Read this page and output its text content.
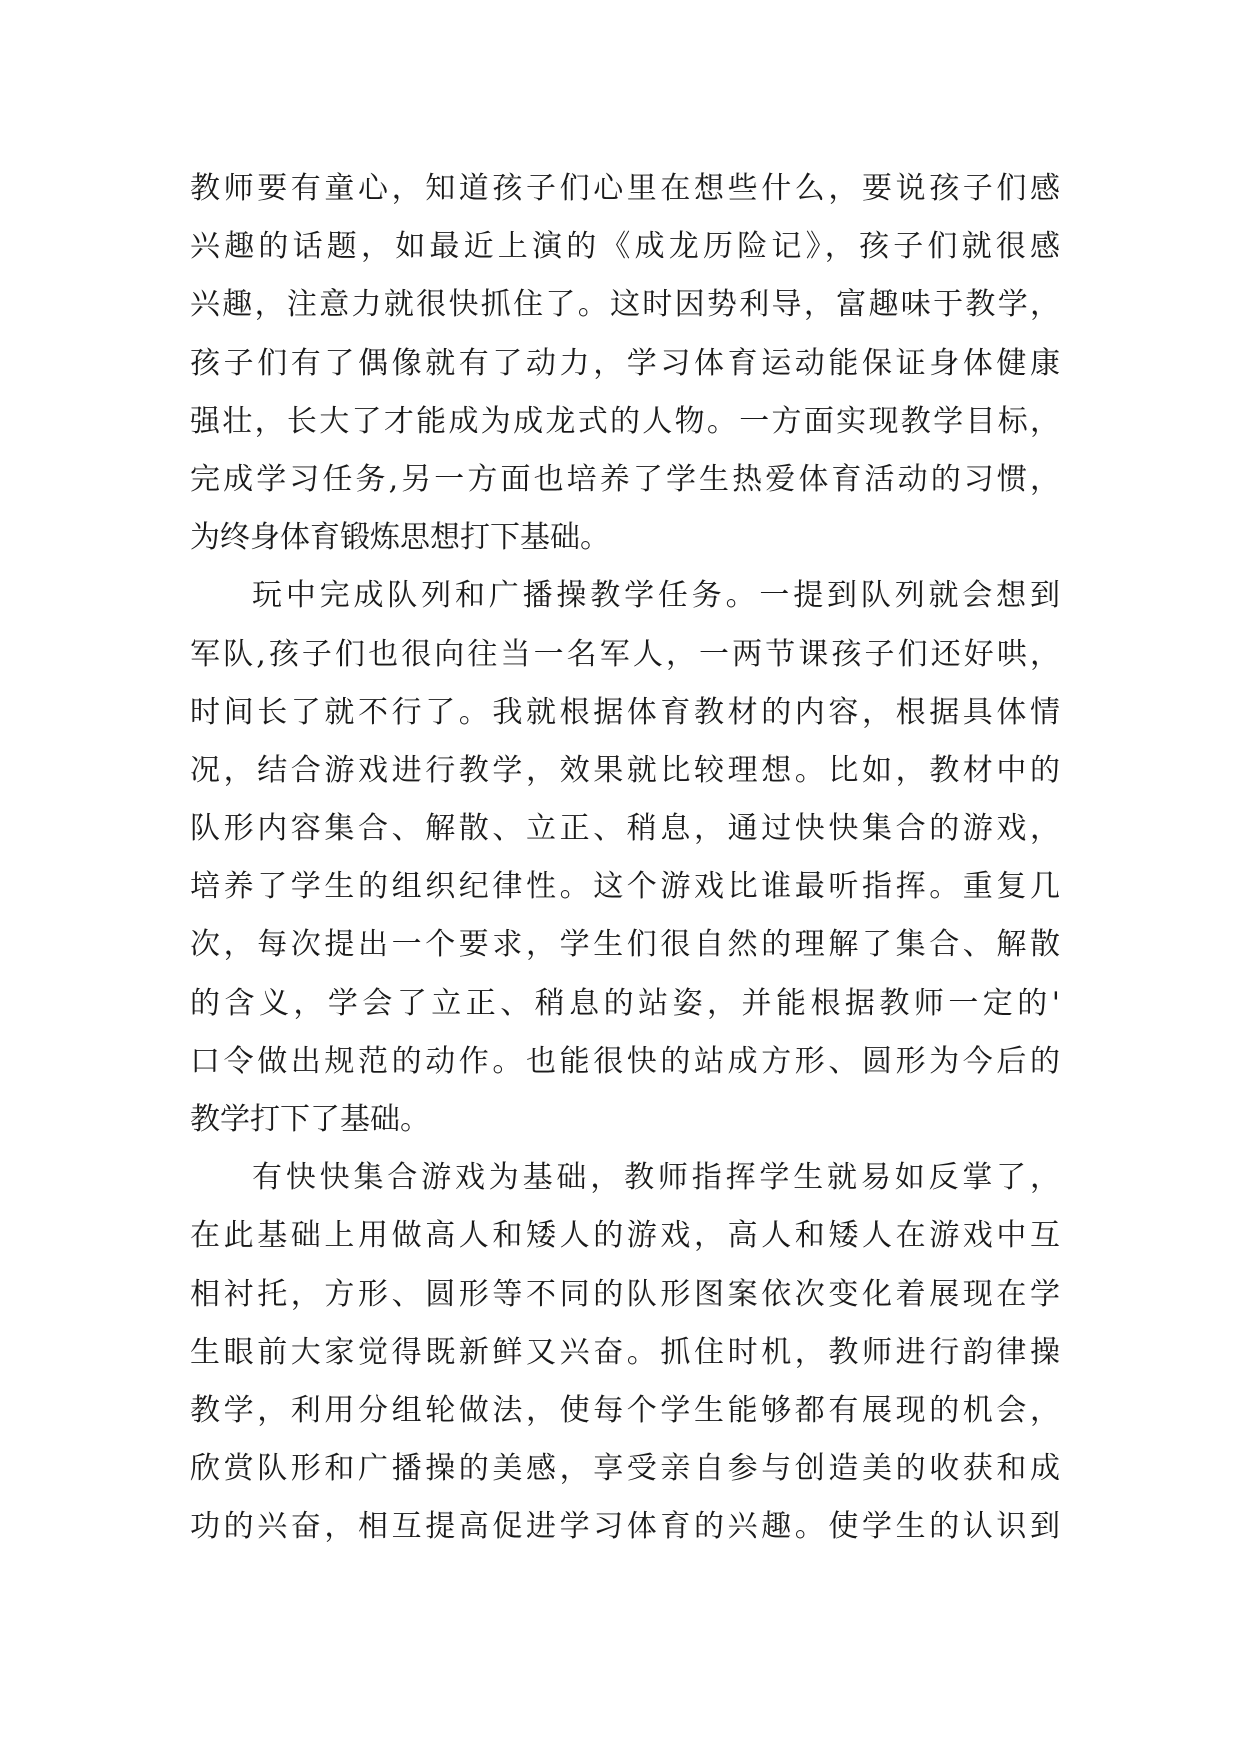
教师要有童心，知道孩子们心里在想些什么，要说孩子们感
兴趣的话题，如最近上演的《成龙历险记》，孩子们就很感
兴趣，注意力就很快抓住了。这时因势利导，富趣味于教学，
孩子们有了偶像就有了动力，学习体育运动能保证身体健康
强壮，长大了才能成为成龙式的人物。一方面实现教学目标，
完成学习任务,另一方面也培养了学生热爱体育活动的习惯，
为终身体育锻炼思想打下基础。
玩中完成队列和广播操教学任务。一提到队列就会想到
军队,孩子们也很向往当一名军人，一两节课孩子们还好哄，
时间长了就不行了。我就根据体育教材的内容，根据具体情
况，结合游戏进行教学，效果就比较理想。比如，教材中的
队形内容集合、解散、立正、稍息，通过快快集合的游戏，
培养了学生的组织纪律性。这个游戏比谁最听指挥。重复几
次，每次提出一个要求，学生们很自然的理解了集合、解散
的含义，学会了立正、稍息的站姿，并能根据教师一定的'
口令做出规范的动作。也能很快的站成方形、圆形为今后的
教学打下了基础。
有快快集合游戏为基础，教师指挥学生就易如反掌了，
在此基础上用做高人和矮人的游戏，高人和矮人在游戏中互
相衬托，方形、圆形等不同的队形图案依次变化着展现在学
生眼前大家觉得既新鲜又兴奋。抓住时机，教师进行韵律操
教学，利用分组轮做法，使每个学生能够都有展现的机会，
欣赏队形和广播操的美感，享受亲自参与创造美的收获和成
功的兴奋，相互提高促进学习体育的兴趣。使学生的认识到
